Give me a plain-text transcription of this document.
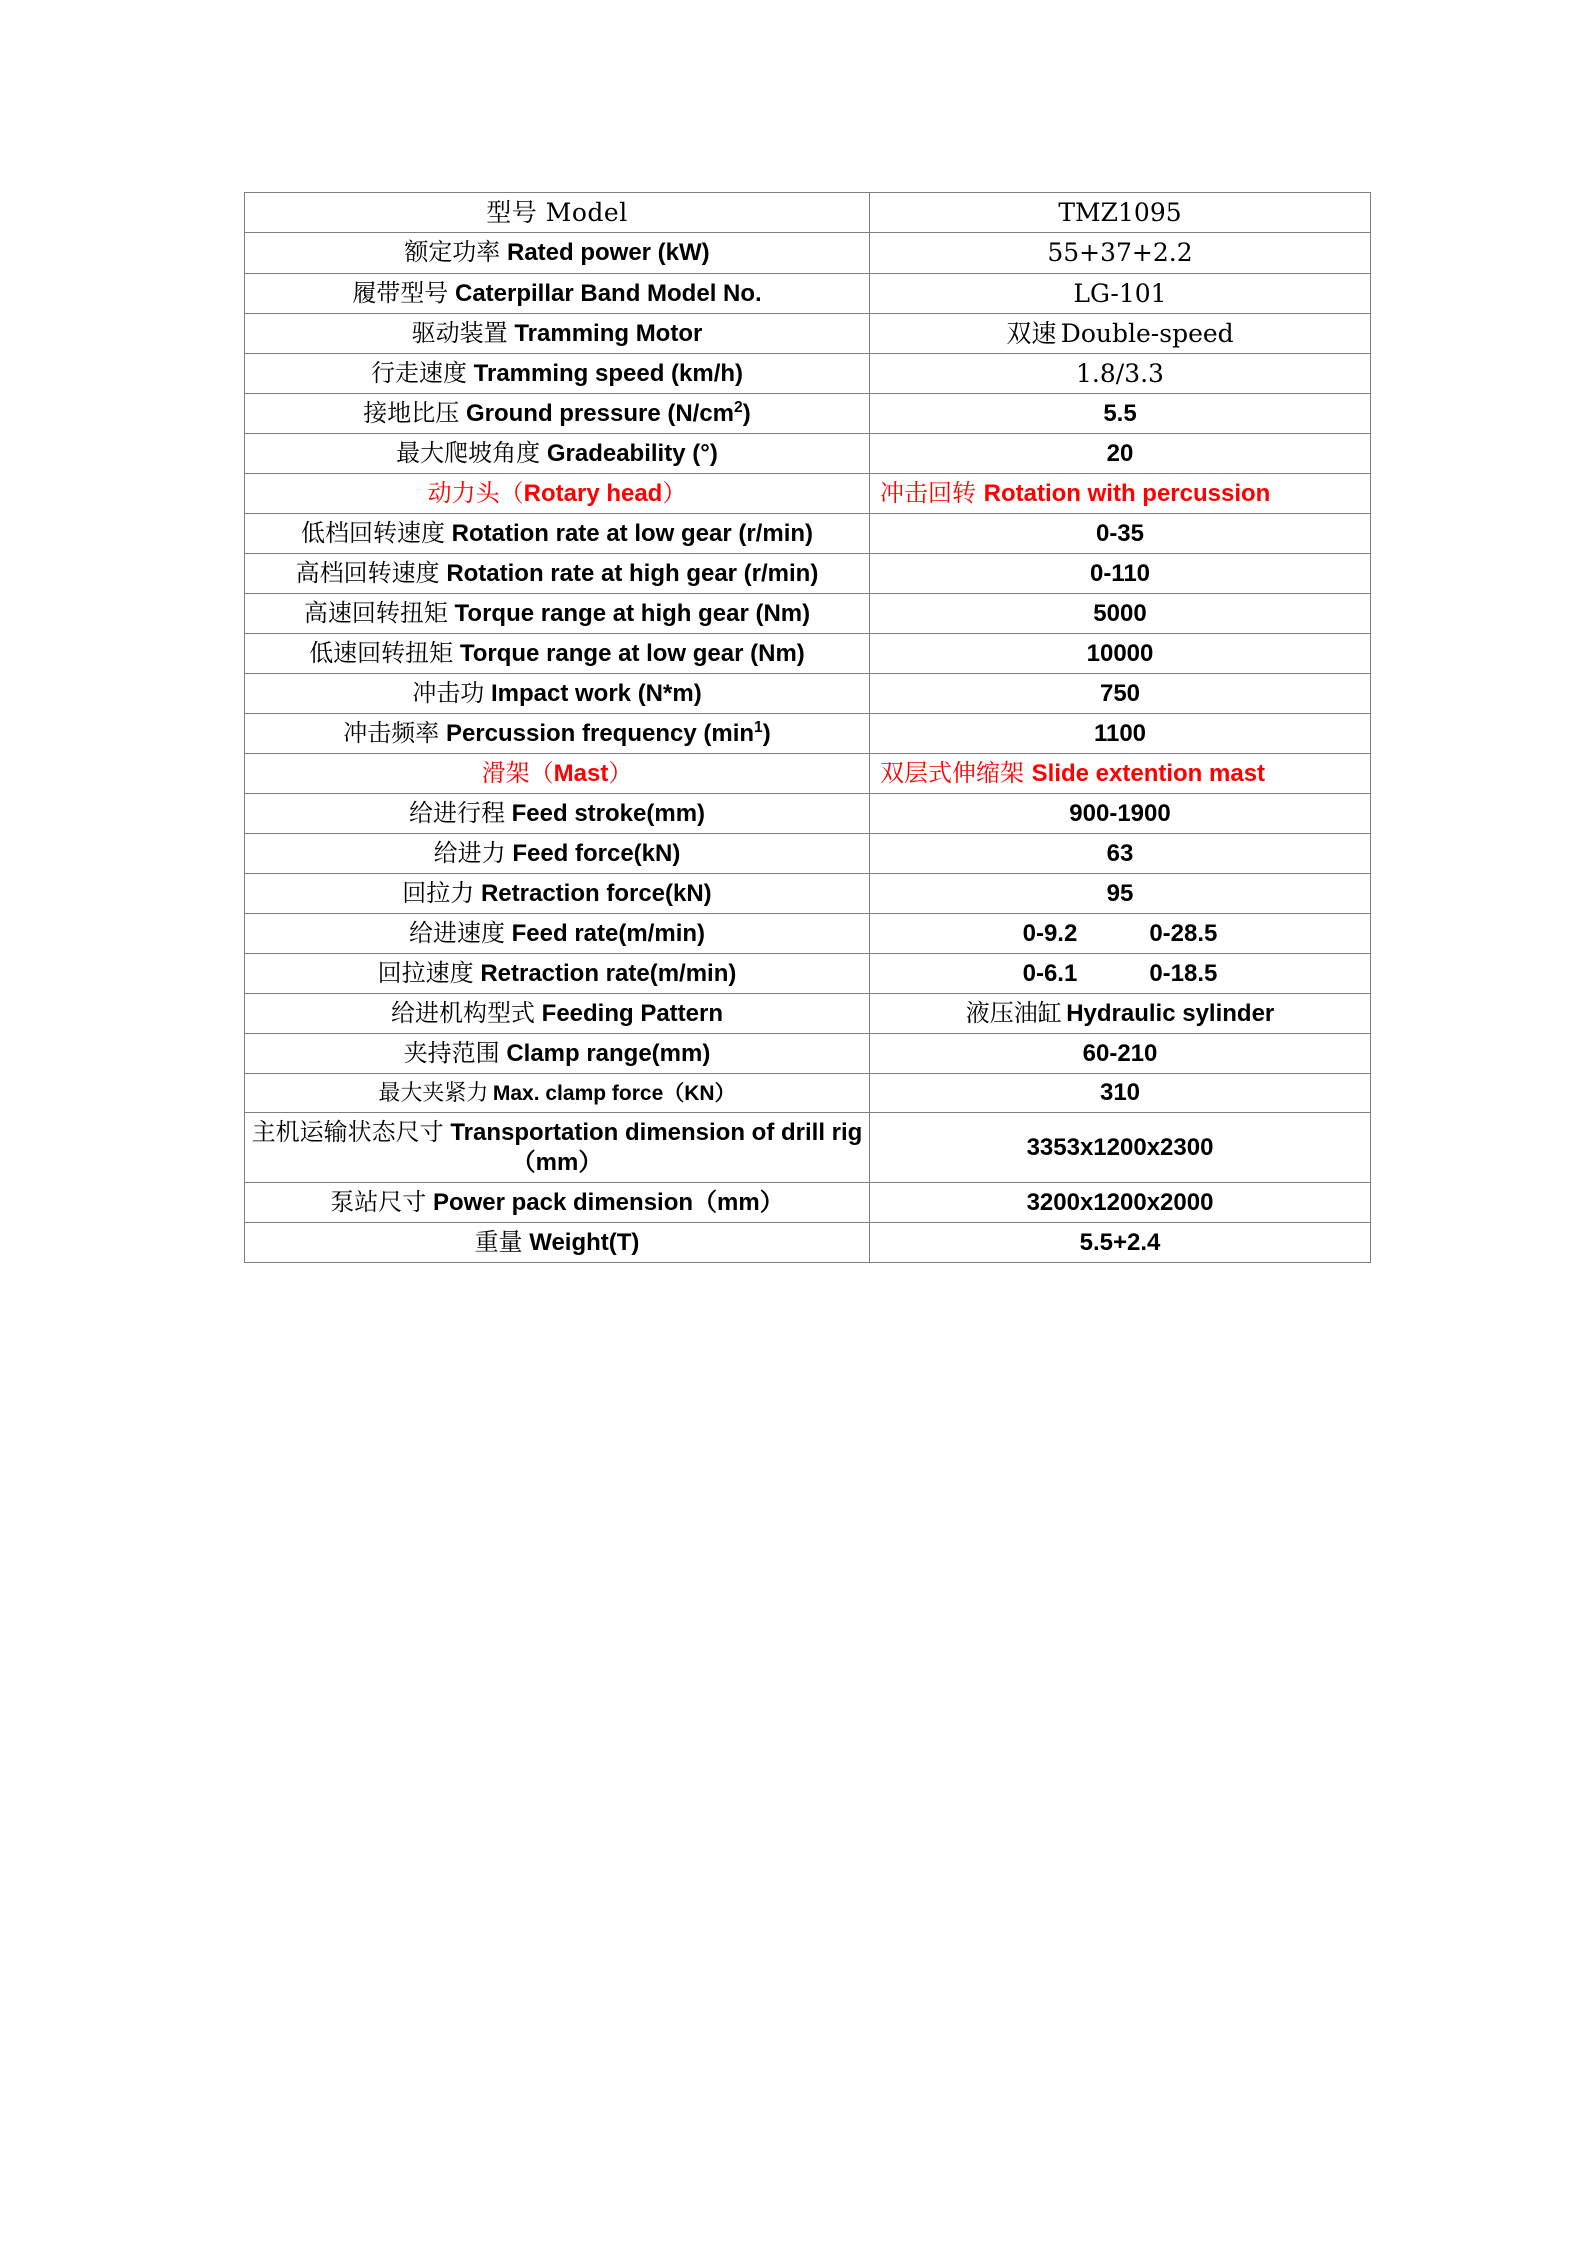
型号 Model	TMZ1095
额定功率 Rated power (kW)	55+37+2.2
履带型号 Caterpillar Band Model No.	LG-101
驱动装置 Tramming Motor	双速 Double-speed
行走速度 Tramming speed (km/h)	1.8/3.3
接地比压 Ground pressure $(N/cm^2)$	5.5
最大爬坡角度 Gradeability (°)	20
动力头（Rotary head）	冲击回转 Rotation with percussion
低档回转速度 Rotation rate at low gear (r/min)	0-35
高档回转速度 Rotation rate at high gear (r/min)	0-110
高速回转扭矩 Torque range at high gear (Nm)	5000
低速回转扭矩 Torque range at low gear (Nm)	10000
冲击功 Impact work (N*m)	750
冲击频率 Percussion frequency $(\min^1)$	1100
滑架（Mast）	双层式伸缩架 Slide extention mast
给进行程 Feed stroke(mm)	900-1900
给进力 Feed force(kN)	63
回拉力 Retraction force(kN)	95
给进速度 Feed rate(m/min)	0-9.2 0-28.5

回拉速度 Retraction rate(m/min)	0-6.1 0-18.5

给进机构型式 Feeding Pattern	液压油缸 Hydraulic sylinder
夹持范围 Clamp range(mm)	60-210
最大夹紧力 Max. clamp force（KN）	310
主机运输状态尺寸 Transportation dimension of drill rig（mm）	3353x1200x2300
泵站尺寸 Power pack dimension（mm）	3200x1200x2000
重量 Weight(T)	5.5+2.4
